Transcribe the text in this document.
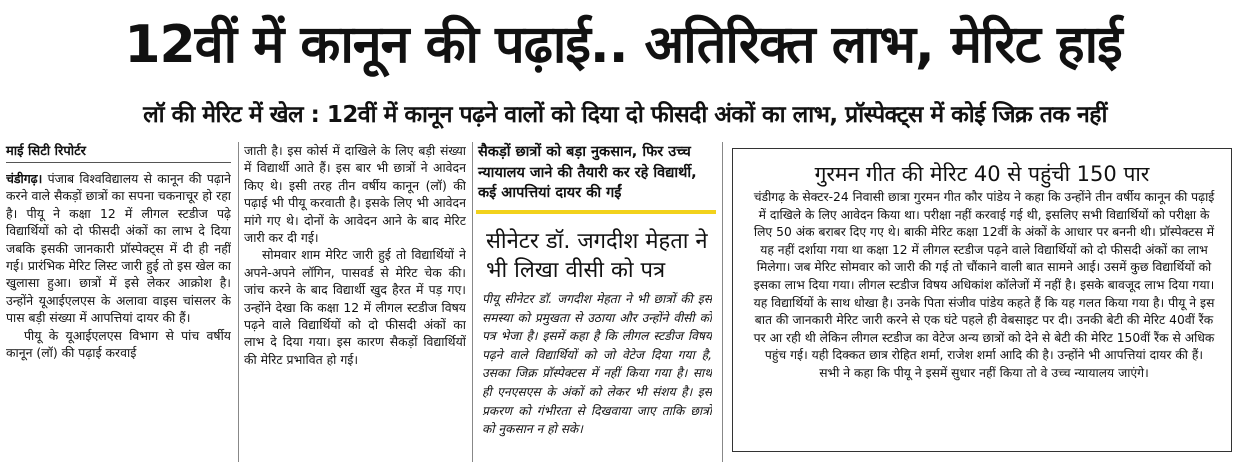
12वीं में कानून की पढ़ाई.. अतिरिक्त लाभ, मेरिट हाई
लॉ की मेरिट में खेल : 12वीं में कानून पढ़ने वालों को दिया दो फीसदी अंकों का लाभ, प्रॉस्पेक्ट्स में कोई जिक्र तक नहीं
माई सिटी रिपोर्टर

चंडीगढ़। पंजाब विश्वविद्यालय से कानून की पढ़ाने करने वाले सैकड़ों छात्रों का सपना चकनाचूर हो रहा है। पीयू ने कक्षा 12 में लीगल स्टडीज पढ़े विद्यार्थियों को दो फीसदी अंकों का लाभ दे दिया जबकि इसकी जानकारी प्रॉस्पेक्ट्स में दी ही नहीं गई। प्रारंभिक मेरिट लिस्ट जारी हुई तो इस खेल का खुलासा हुआ। छात्रों में इसे लेकर आक्रोश है। उन्होंने यूआईएलएस के अलावा वाइस चांसलर के पास बड़ी संख्या में आपत्तियां दायर की हैं।

पीयू के यूआईएलएस विभाग से पांच वर्षीय कानून (लॉ) की पढ़ाई करवाई

जाती है। इस कोर्स में दाखिले के लिए बड़ी संख्या में विद्यार्थी आते हैं। इस बार भी छात्रों ने आवेदन किए थे। इसी तरह तीन वर्षीय कानून (लॉ) की पढ़ाई भी पीयू करवाती है। इसके लिए भी आवेदन मांगे गए थे। दोनों के आवेदन आने के बाद मेरिट जारी कर दी गई।

सोमवार शाम मेरिट जारी हुई तो विद्यार्थियों ने अपने-अपने लॉगिन, पासवर्ड से मेरिट चेक की। जांच करने के बाद विद्यार्थी खुद हैरत में पड़ गए। उन्होंने देखा कि कक्षा 12 में लीगल स्टडीज विषय पढ़ने वाले विद्यार्थियों को दो फीसदी अंकों का लाभ दे दिया गया। इस कारण सैकड़ों विद्यार्थियों की मेरिट प्रभावित हो गई।

सैकड़ों छात्रों को बड़ा नुकसान, फिर उच्च न्यायालय जाने की तैयारी कर रहे विद्यार्थी, कई आपत्तियां दायर की गईं
सीनेटर डॉ. जगदीश मेहता ने भी लिखा वीसी को पत्र

पीयू सीनेटर डॉ. जगदीश मेहता ने भी छात्रों की इस समस्या को प्रमुखता से उठाया और उन्होंने वीसी को पत्र भेजा है। इसमें कहा है कि लीगल स्टडीज विषय पढ़ने वाले विद्यार्थियों को जो वेटेज दिया गया है, उसका जिक्र प्रॉस्पेक्टस में नहीं किया गया है। साथ ही एनएसएस के अंकों को लेकर भी संशय है। इस प्रकरण को गंभीरता से दिखवाया जाए ताकि छात्रों को नुकसान न हो सके।

गुरमन गीत की मेरिट 40 से पहुंची 150 पार
चंडीगढ़ के सेक्टर-24 निवासी छात्रा गुरमन गीत कौर पांडेय ने कहा कि उन्होंने तीन वर्षीय कानून की पढ़ाई में दाखिले के लिए आवेदन किया था। परीक्षा नहीं करवाई गई थी, इसलिए सभी विद्यार्थियों को परीक्षा के लिए 50 अंक बराबर दिए गए थे। बाकी मेरिट कक्षा 12वीं के अंकों के आधार पर बननी थी। प्रॉस्पेक्टस में यह नहीं दर्शाया गया था कक्षा 12 में लीगल स्टडीज पढ़ने वाले विद्यार्थियों को दो फीसदी अंकों का लाभ मिलेगा। जब मेरिट सोमवार को जारी की गई तो चौंकाने वाली बात सामने आई। उसमें कुछ विद्यार्थियों को इसका लाभ दिया गया। लीगल स्टडीज विषय अधिकांश कॉलेजों में नहीं है। इसके बावजूद लाभ दिया गया। यह विद्यार्थियों के साथ धोखा है। उनके पिता संजीव पांडेय कहते हैं कि यह गलत किया गया है। पीयू ने इस बात की जानकारी मेरिट जारी करने से एक घंटे पहले ही वेबसाइट पर दी। उनकी बेटी की मेरिट 40वीं रैंक पर आ रही थी लेकिन लीगल स्टडीज का वेटेज अन्य छात्रों को देने से बेटी की मेरिट 150वीं रैंक से अधिक पहुंच गई। यही दिक्कत छात्र रोहित शर्मा, राजेश शर्मा आदि की है। उन्होंने भी आपत्तियां दायर की हैं। सभी ने कहा कि पीयू ने इसमें सुधार नहीं किया तो वे उच्च न्यायालय जाएंगे।
